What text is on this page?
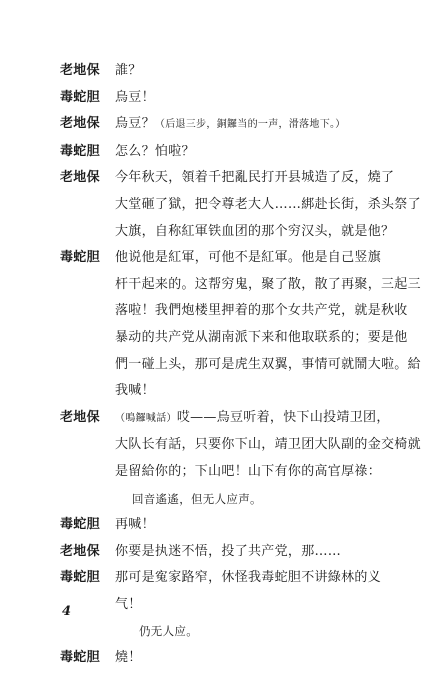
老地保 誰？
毒蛇胆 烏豆！
老地保 烏豆？（后退三步，銅鑼当的一声，滑落地下。）
毒蛇胆 怎么？怕啦？
老地保 今年秋天，領着千把亂民打开县城造了反，燒了
大堂砸了獄，把令尊老大人……綁赴长街，杀头祭了
大旗，自称紅軍铁血团的那个穷汉头，就是他？
毒蛇胆 他说他是紅軍，可他不是紅軍。他是自己竖旗
杆干起来的。这帮穷鬼，聚了散，散了再聚，三起三
落啦！我們炮楼里押着的那个女共产党，就是秋收
暴动的共产党从湖南派下来和他取联系的；要是他
們一碰上头，那可是虎生双翼，事情可就鬧大啦。給
我喊！
老地保 （鳴鑼喊話）哎——烏豆听着，快下山投靖卫团，
大队长有話，只要你下山，靖卫团大队副的金交椅就
是留給你的；下山吧！山下有你的高官厚祿：
回音遙遙，但无人应声。
毒蛇胆 再喊！
老地保 你要是执迷不悟，投了共产党，那……
毒蛇胆 那可是寃家路窄，休怪我毒蛇胆不讲綠林的义
气！
仍无人应。
毒蛇胆 燒！
4
